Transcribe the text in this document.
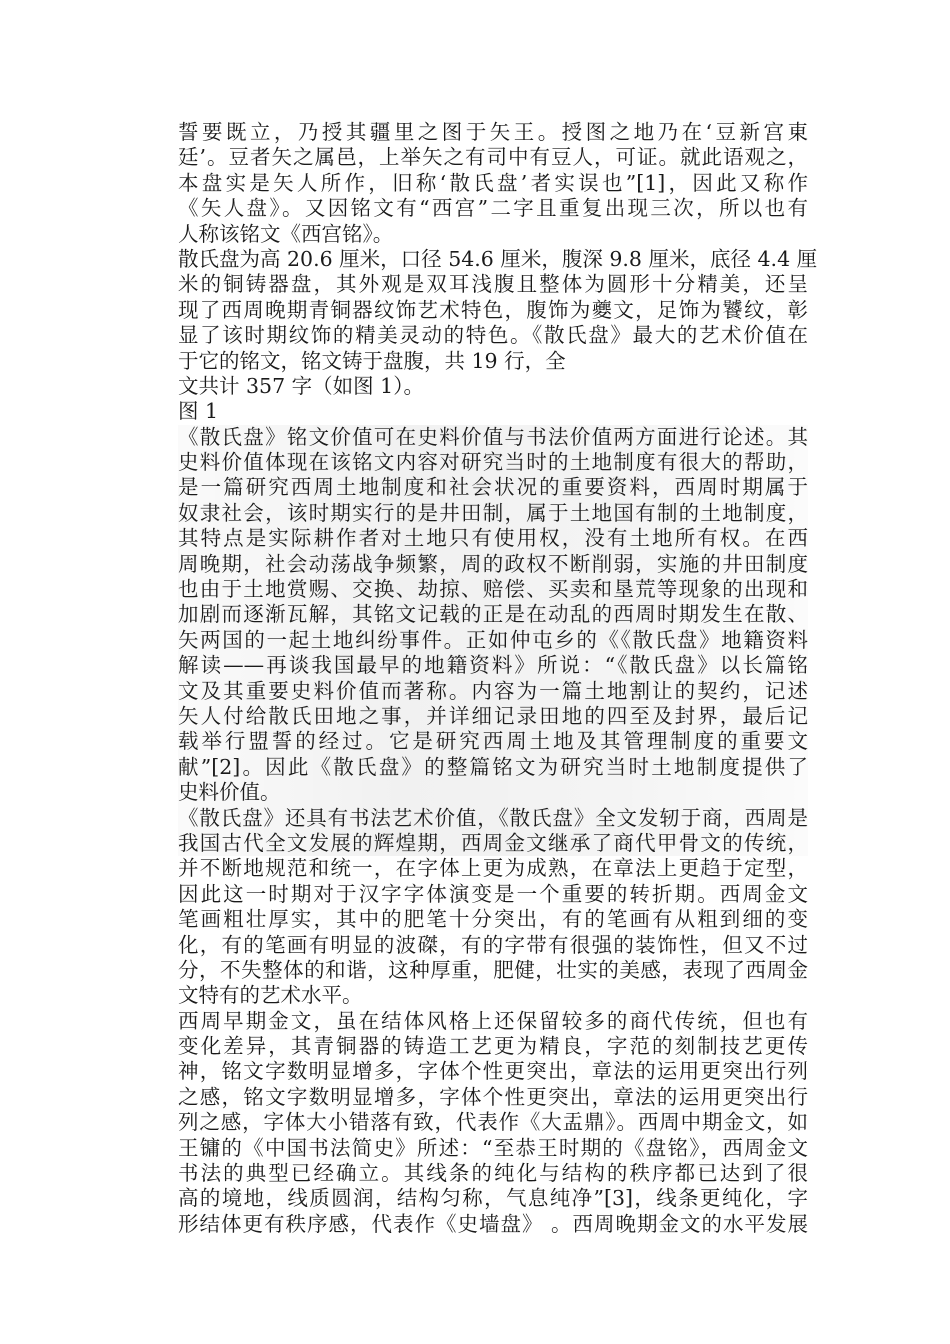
誓要既立，乃授其疆里之图于矢王。授图之地乃在‘豆新宫東
廷’。豆者矢之属邑，上举矢之有司中有豆人，可证。就此语观之，
本盘实是矢人所作，旧称‘散氏盘’者实误也”[1]，因此又称作
《矢人盘》。又因铭文有“西宫”二字且重复出现三次，所以也有
人称该铭文《西宫铭》。
散氏盘为高 20.6 厘米，口径 54.6 厘米，腹深 9.8 厘米，底径 4.4 厘
米的铜铸器盘，其外观是双耳浅腹且整体为圆形十分精美，还呈
现了西周晚期青铜器纹饰艺术特色，腹饰为夔文，足饰为饕纹，彰
显了该时期纹饰的精美灵动的特色。《散氏盘》最大的艺术价值在
于它的铭文，铭文铸于盘腹，共 19 行，全
文共计 357 字（如图 1）。
图 1
《散氏盘》铭文价值可在史料价值与书法价值两方面进行论述。其
史料价值体现在该铭文内容对研究当时的土地制度有很大的帮助，
是一篇研究西周土地制度和社会状况的重要资料，西周时期属于
奴隶社会，该时期实行的是井田制，属于土地国有制的土地制度，
其特点是实际耕作者对土地只有使用权，没有土地所有权。在西
周晚期，社会动荡战争频繁，周的政权不断削弱，实施的井田制度
也由于土地赏赐、交换、劫掠、赔偿、买卖和垦荒等现象的出现和
加剧而逐渐瓦解，其铭文记载的正是在动乱的西周时期发生在散、
矢两国的一起土地纠纷事件。正如仲屯乡的《《散氏盘》地籍资料
解读——再谈我国最早的地籍资料》所说：“《散氏盘》以长篇铭
文及其重要史料价值而著称。内容为一篇土地割让的契约，记述
矢人付给散氏田地之事，并详细记录田地的四至及封界，最后记
载举行盟誓的经过。它是研究西周土地及其管理制度的重要文
献”[2]。因此《散氏盘》的整篇铭文为研究当时土地制度提供了
史料价值。
《散氏盘》还具有书法艺术价值，《散氏盘》全文发轫于商，西周是
我国古代全文发展的辉煌期，西周金文继承了商代甲骨文的传统，
并不断地规范和统一，在字体上更为成熟，在章法上更趋于定型，
因此这一时期对于汉字字体演变是一个重要的转折期。西周金文
笔画粗壮厚实，其中的肥笔十分突出，有的笔画有从粗到细的变
化，有的笔画有明显的波磔，有的字带有很强的装饰性，但又不过
分，不失整体的和谐，这种厚重，肥健，壮实的美感，表现了西周金
文特有的艺术水平。
西周早期金文，虽在结体风格上还保留较多的商代传统，但也有
变化差异，其青铜器的铸造工艺更为精良，字范的刻制技艺更传
神，铭文字数明显增多，字体个性更突出，章法的运用更突出行列
之感，铭文字数明显增多，字体个性更突出，章法的运用更突出行
列之感，字体大小错落有致，代表作《大盂鼎》。西周中期金文，如
王镛的《中国书法简史》所述：“至恭王时期的《盘铭》，西周金文
书法的典型已经确立。其线条的纯化与结构的秩序都已达到了很
高的境地，线质圆润，结构匀称，气息纯净”[3]，线条更纯化，字
形结体更有秩序感，代表作《史墙盘》 。西周晚期金文的水平发展
